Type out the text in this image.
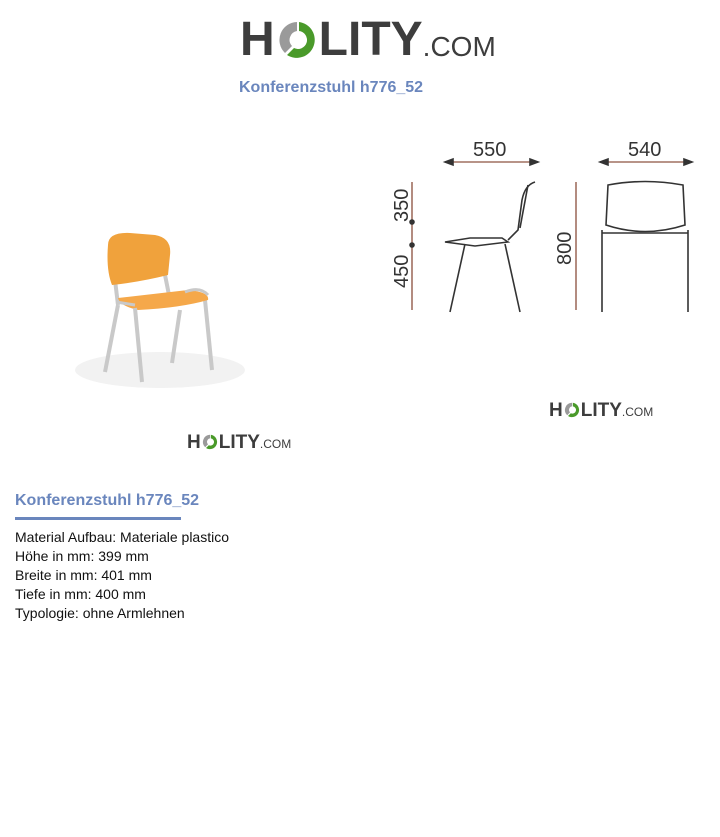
H LITY .COM
Konferenzstuhl h776_52
H LITY .COM
550	540
350
450
800
H LITY .COM
Konferenzstuhl h776_52
Material Aufbau: Materiale plastico
Höhe in mm: 399 mm
Breite in mm: 401 mm
Tiefe in mm: 400 mm
Typologie: ohne Armlehnen
